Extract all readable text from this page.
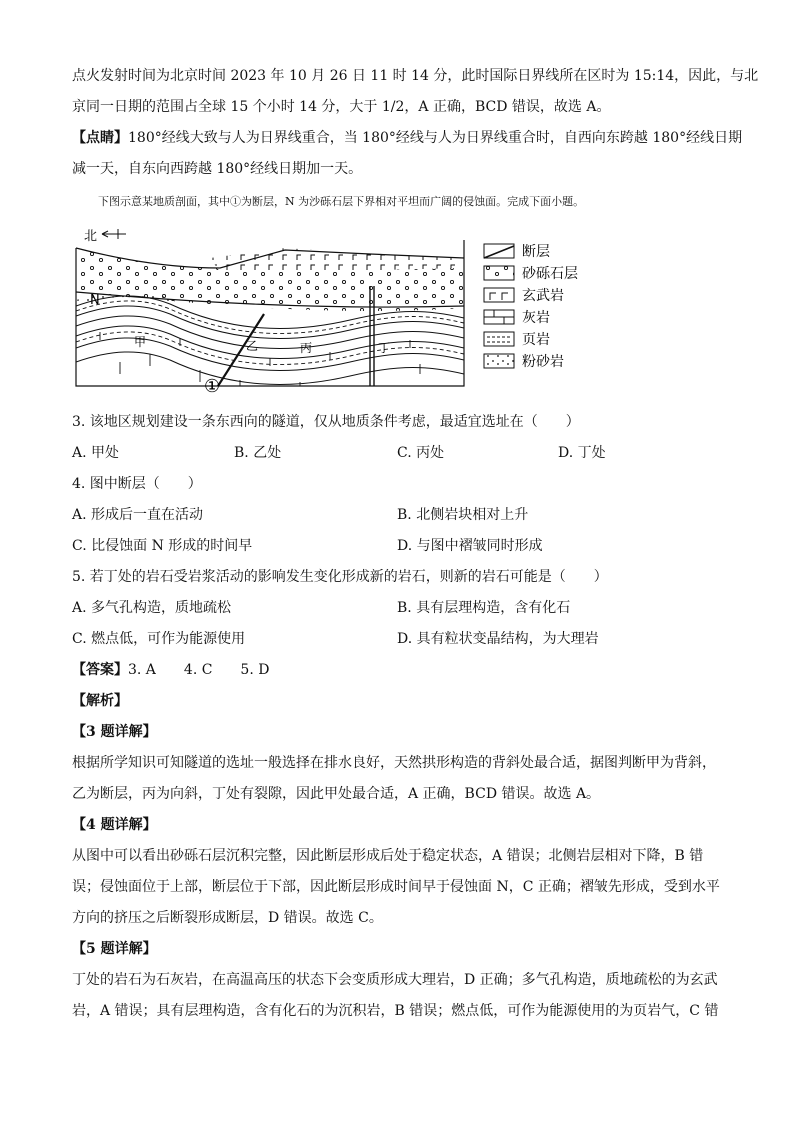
点火发射时间为北京时间 2023 年 10 月 26 日 11 时 14 分，此时国际日界线所在区时为 15:14，因此，与北
京同一日期的范围占全球 15 个小时 14 分，大于 1/2，A 正确，BCD 错误，故选 A。
【点睛】180°经线大致与人为日界线重合，当 180°经线与人为日界线重合时，自西向东跨越 180°经线日期
减一天，自东向西跨越 180°经线日期加一天。
下图示意某地质剖面，其中①为断层，N 为沙砾石层下界相对平坦而广阔的侵蚀面。完成下面小题。
北
N
甲	乙	丙	丁
①
断层
砂砾石层
玄武岩
灰岩
页岩
粉砂岩
3. 该地区规划建设一条东西向的隧道，仅从地质条件考虑，最适宜选址在（　　）
A. 甲处	B. 乙处	C. 丙处	D. 丁处
4. 图中断层（　　）
A. 形成后一直在活动	B. 北侧岩块相对上升
C. 比侵蚀面 N 形成的时间早	D. 与图中褶皱同时形成
5. 若丁处的岩石受岩浆活动的影响发生变化形成新的岩石，则新的岩石可能是（　　）
A. 多气孔构造，质地疏松	B. 具有层理构造，含有化石
C. 燃点低，可作为能源使用	D. 具有粒状变晶结构，为大理岩
【答案】3. A　　4. C　　5. D
【解析】
【3 题详解】
根据所学知识可知隧道的选址一般选择在排水良好，天然拱形构造的背斜处最合适，据图判断甲为背斜，
乙为断层，丙为向斜，丁处有裂隙，因此甲处最合适，A 正确，BCD 错误。故选 A。
【4 题详解】
从图中可以看出砂砾石层沉积完整，因此断层形成后处于稳定状态，A 错误；北侧岩层相对下降，B 错
误；侵蚀面位于上部，断层位于下部，因此断层形成时间早于侵蚀面 N，C 正确；褶皱先形成，受到水平
方向的挤压之后断裂形成断层，D 错误。故选 C。
【5 题详解】
丁处的岩石为石灰岩，在高温高压的状态下会变质形成大理岩，D 正确；多气孔构造，质地疏松的为玄武
岩，A 错误；具有层理构造，含有化石的为沉积岩，B 错误；燃点低，可作为能源使用的为页岩气，C 错
